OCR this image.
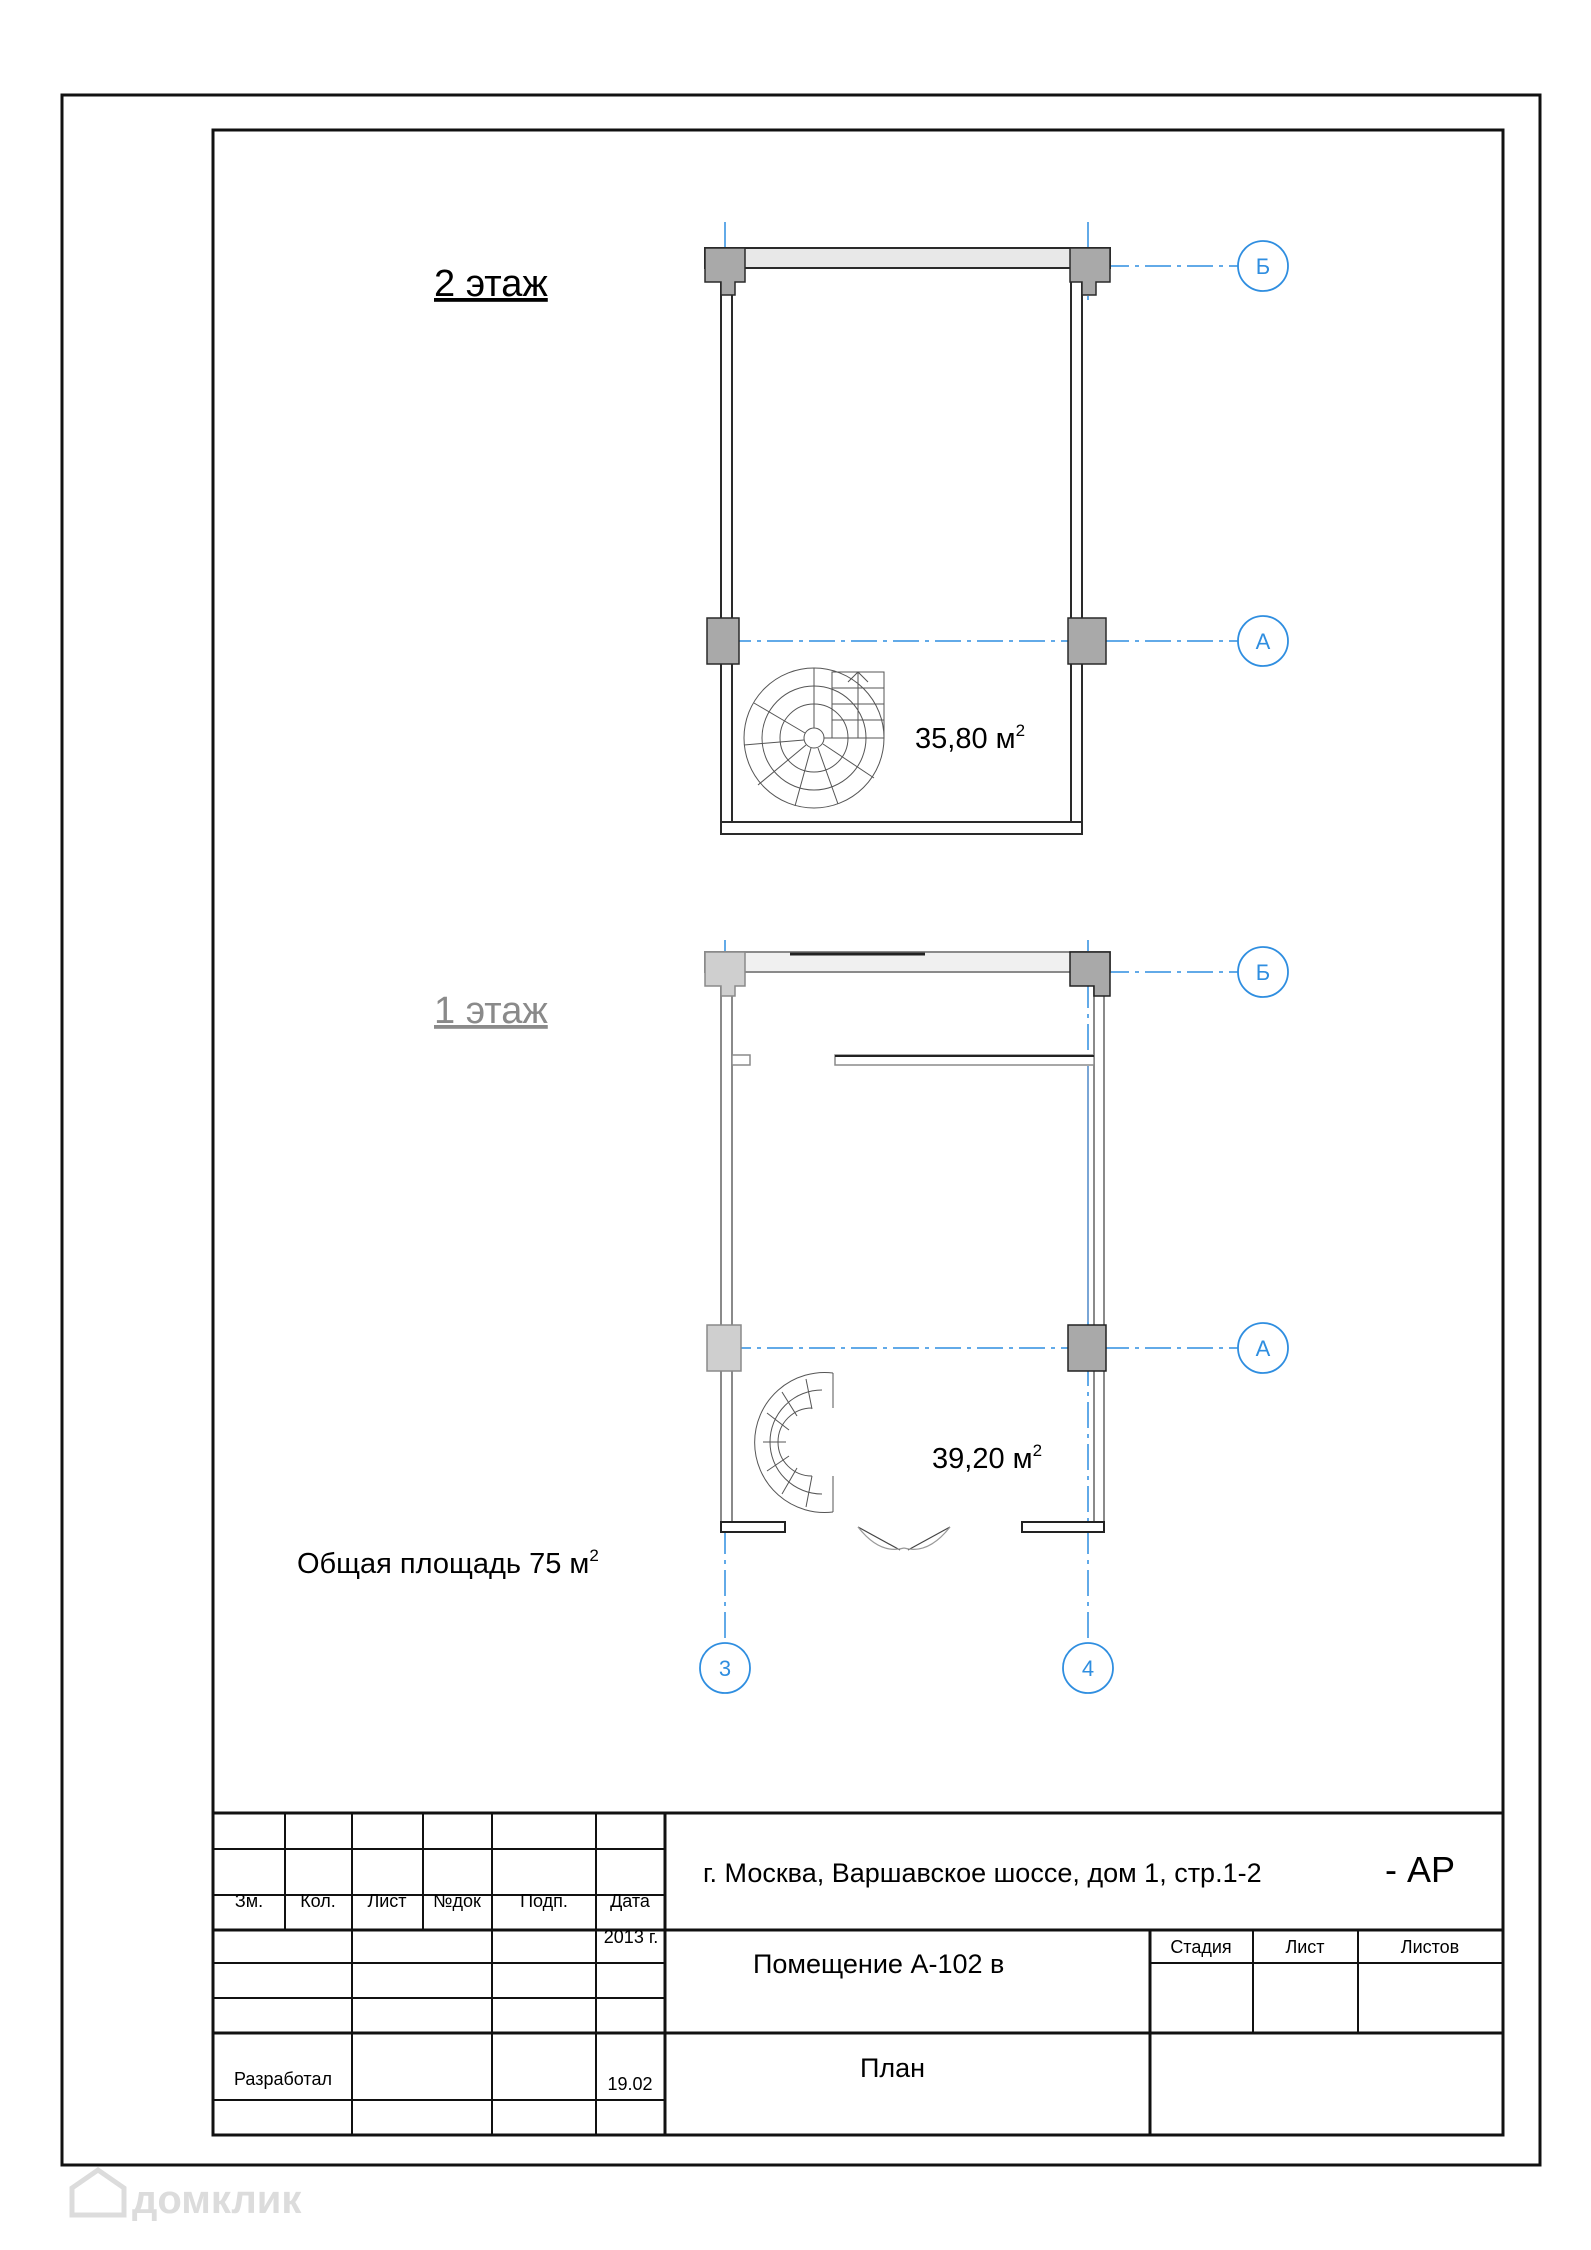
Б
А
Б
А
3	4
2 этаж
35,80 $м^2$
1 этаж
39,20 $м^2$
Общая площадь 75 $м^2$
Зм. Кол. Лист №док Подп. Дата
2013 г.
Разработал	19.02
г. Москва, Варшавское шоссе, дом 1, стр.1-2	- АР
Помещение А-102 в
План
Стадия	Лист	Листов
домклик
